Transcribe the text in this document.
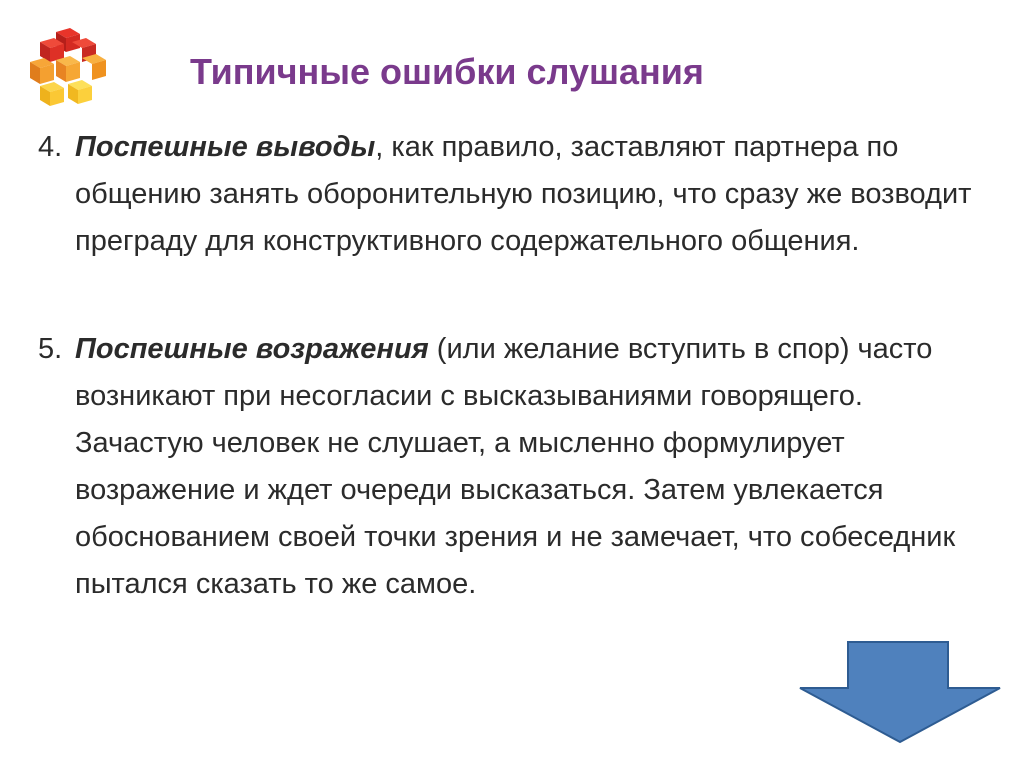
Типичные ошибки слушания
4. Поспешные выводы, как правило, заставляют партнера по общению занять оборонительную позицию, что сразу же возводит преграду для конструктивного содержательного общения.

5. Поспешные возражения (или желание вступить в спор) часто возникают при несогласии с высказываниями говорящего. Зачастую человек не слушает, а мысленно формулирует возражение и ждет очереди высказаться. Затем увлекается обоснованием своей точки зрения и не замечает, что собеседник пытался сказать то же самое.
